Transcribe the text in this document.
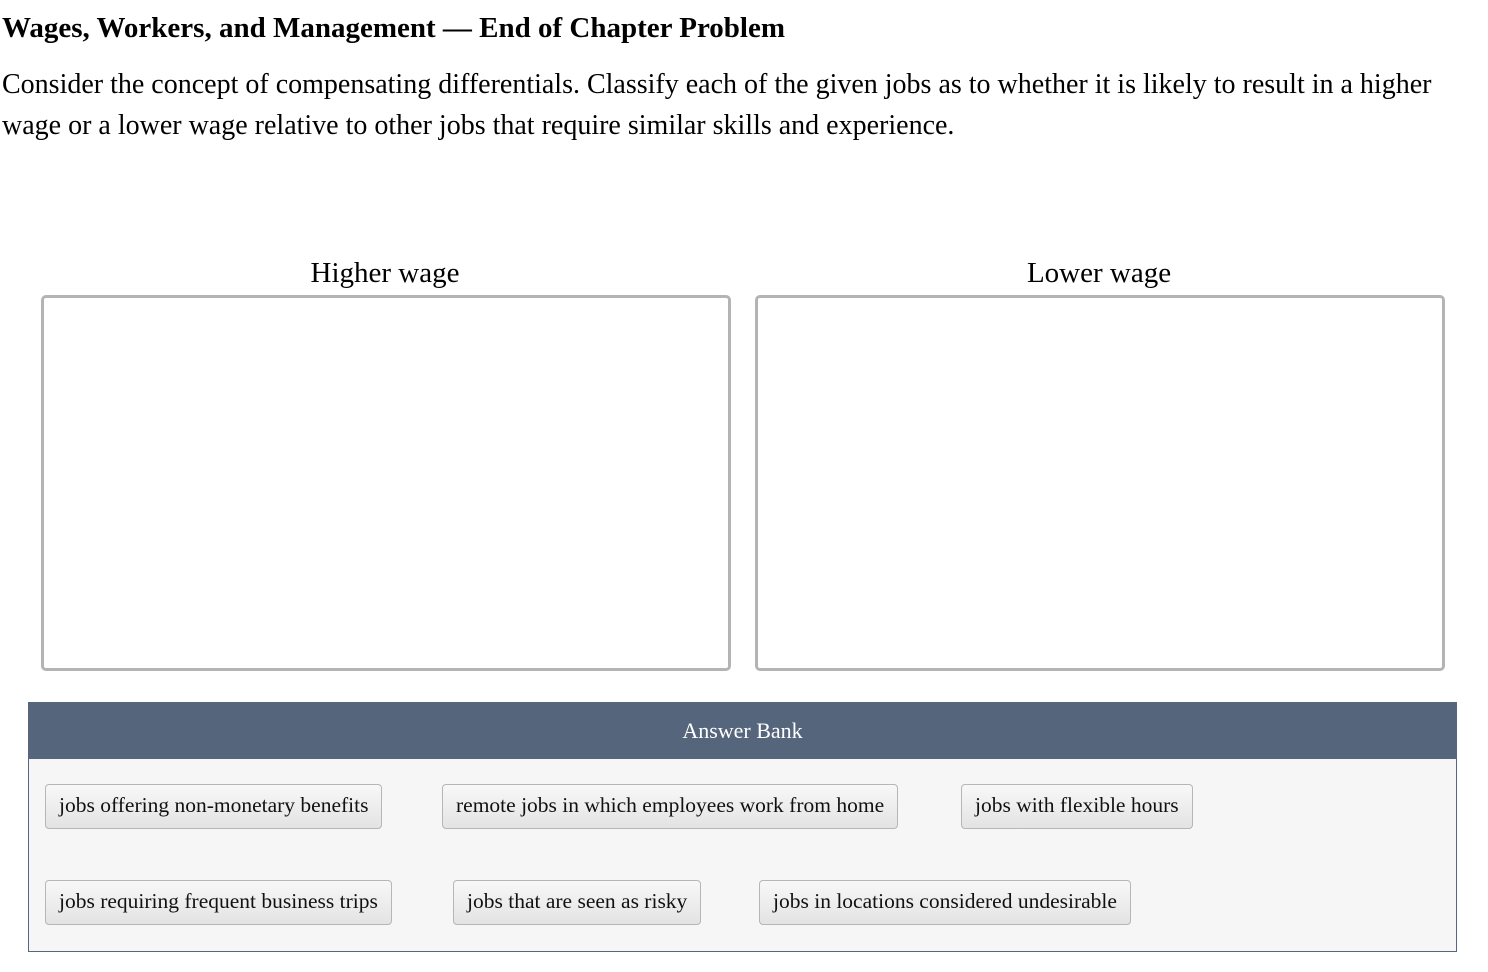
Wages, Workers, and Management — End of Chapter Problem
Consider the concept of compensating differentials. Classify each of the given jobs as to whether it is likely to result in a higher wage or a lower wage relative to other jobs that require similar skills and experience.
Higher wage	Lower wage
Answer Bank
jobs offering non-monetary benefits	remote jobs in which employees work from home	jobs with flexible hours
jobs requiring frequent business trips	jobs that are seen as risky	jobs in locations considered undesirable
